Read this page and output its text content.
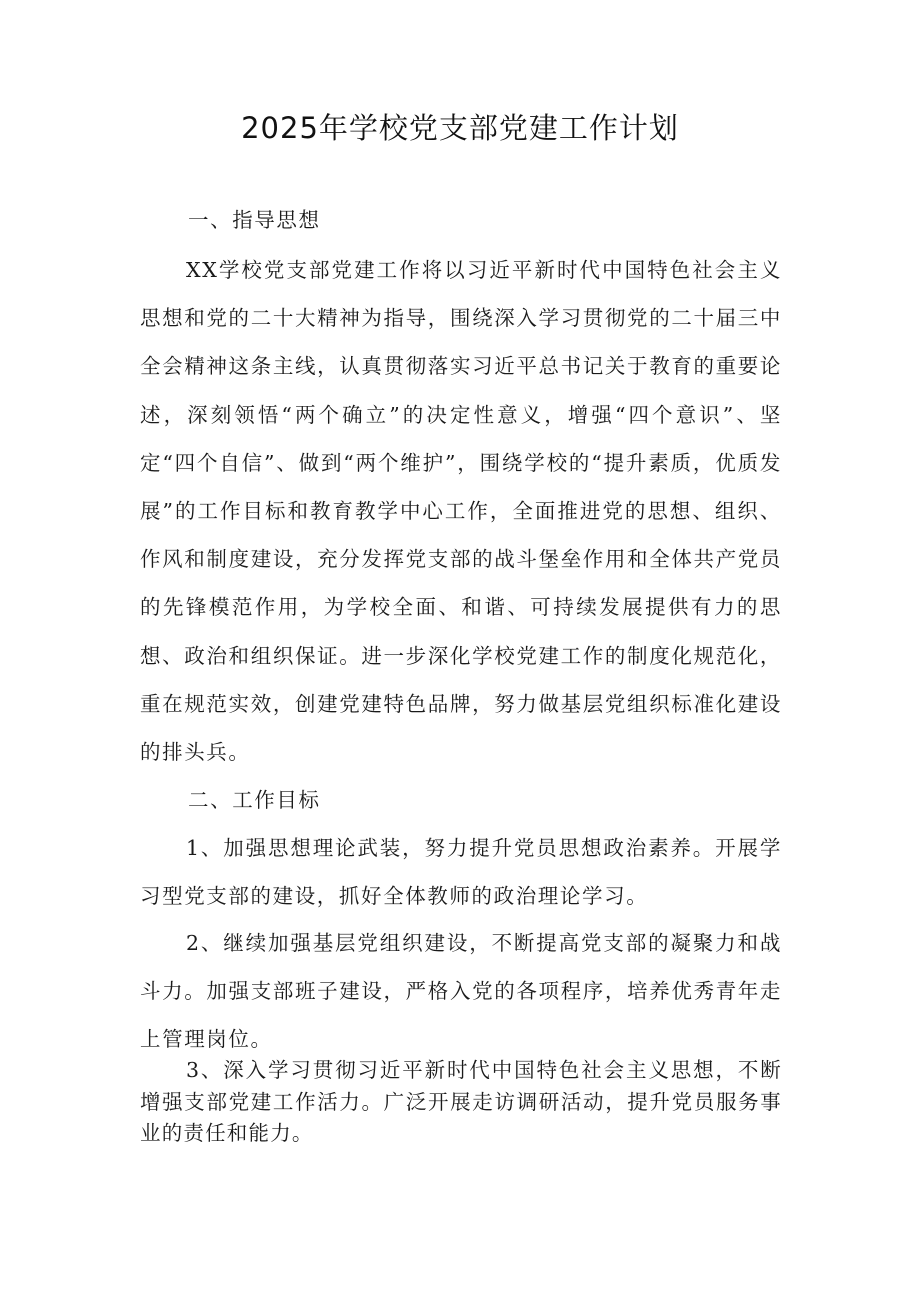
2025年学校党支部党建工作计划
一、指导思想

XX学校党支部党建工作将以习近平新时代中国特色社会主义思想和党的二十大精神为指导，围绕深入学习贯彻党的二十届三中全会精神这条主线，认真贯彻落实习近平总书记关于教育的重要论述，深刻领悟“两个确立”的决定性意义，增强“四个意识”、坚定“四个自信”、做到“两个维护”，围绕学校的“提升素质，优质发展”的工作目标和教育教学中心工作，全面推进党的思想、组织、作风和制度建设，充分发挥党支部的战斗堡垒作用和全体共产党员的先锋模范作用，为学校全面、和谐、可持续发展提供有力的思想、政治和组织保证。进一步深化学校党建工作的制度化规范化，重在规范实效，创建党建特色品牌，努力做基层党组织标准化建设的排头兵。

二、工作目标

1、加强思想理论武装，努力提升党员思想政治素养。开展学习型党支部的建设，抓好全体教师的政治理论学习。

2、继续加强基层党组织建设，不断提高党支部的凝聚力和战斗力。加强支部班子建设，严格入党的各项程序，培养优秀青年走上管理岗位。

3、深入学习贯彻习近平新时代中国特色社会主义思想，不断增强支部党建工作活力。广泛开展走访调研活动，提升党员服务事业的责任和能力。
